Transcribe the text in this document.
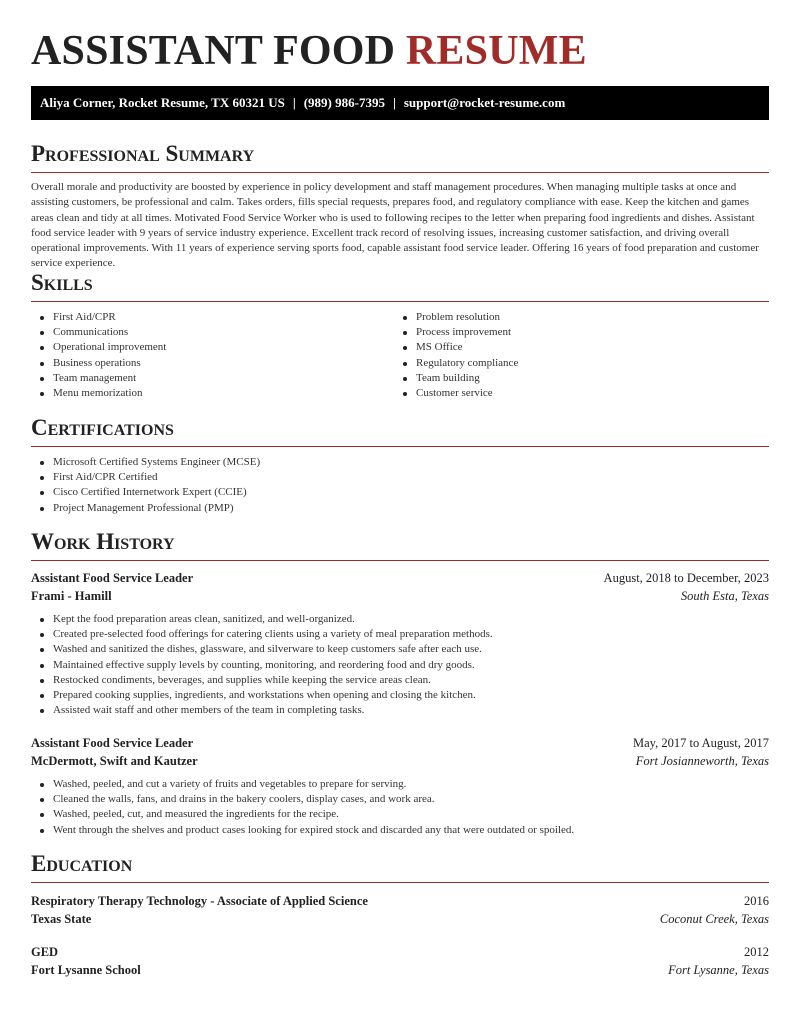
ASSISTANT FOOD RESUME
Aliya Corner, Rocket Resume, TX 60321 US | (989) 986-7395 | support@rocket-resume.com
Professional Summary

Overall morale and productivity are boosted by experience in policy development and staff management procedures. When managing multiple tasks at once and assisting customers, be professional and calm. Takes orders, fills special requests, prepares food, and regulatory compliance with ease. Keep the kitchen and games areas clean and tidy at all times. Motivated Food Service Worker who is used to following recipes to the letter when preparing food ingredients and dishes. Assistant food service leader with 9 years of service industry experience. Excellent track record of resolving issues, increasing customer satisfaction, and driving overall operational improvements. With 11 years of experience serving sports food, capable assistant food service leader. Offering 16 years of food preparation and customer service experience.

Skills
First Aid/CPR
Communications
Operational improvement
Business operations
Team management
Menu memorization
Problem resolution
Process improvement
MS Office
Regulatory compliance
Team building
Customer service
Certifications
Microsoft Certified Systems Engineer (MCSE)
First Aid/CPR Certified
Cisco Certified Internetwork Expert (CCIE)
Project Management Professional (PMP)
Work History
Assistant Food Service Leader	August, 2018 to December, 2023
Frami - Hamill	South Esta, Texas
Kept the food preparation areas clean, sanitized, and well-organized.
Created pre-selected food offerings for catering clients using a variety of meal preparation methods.
Washed and sanitized the dishes, glassware, and silverware to keep customers safe after each use.
Maintained effective supply levels by counting, monitoring, and reordering food and dry goods.
Restocked condiments, beverages, and supplies while keeping the service areas clean.
Prepared cooking supplies, ingredients, and workstations when opening and closing the kitchen.
Assisted wait staff and other members of the team in completing tasks.
Assistant Food Service Leader	May, 2017 to August, 2017
McDermott, Swift and Kautzer	Fort Josianneworth, Texas
Washed, peeled, and cut a variety of fruits and vegetables to prepare for serving.
Cleaned the walls, fans, and drains in the bakery coolers, display cases, and work area.
Washed, peeled, cut, and measured the ingredients for the recipe.
Went through the shelves and product cases looking for expired stock and discarded any that were outdated or spoiled.
Education
Respiratory Therapy Technology - Associate of Applied Science	2016
Texas State	Coconut Creek, Texas
GED	2012
Fort Lysanne School	Fort Lysanne, Texas
